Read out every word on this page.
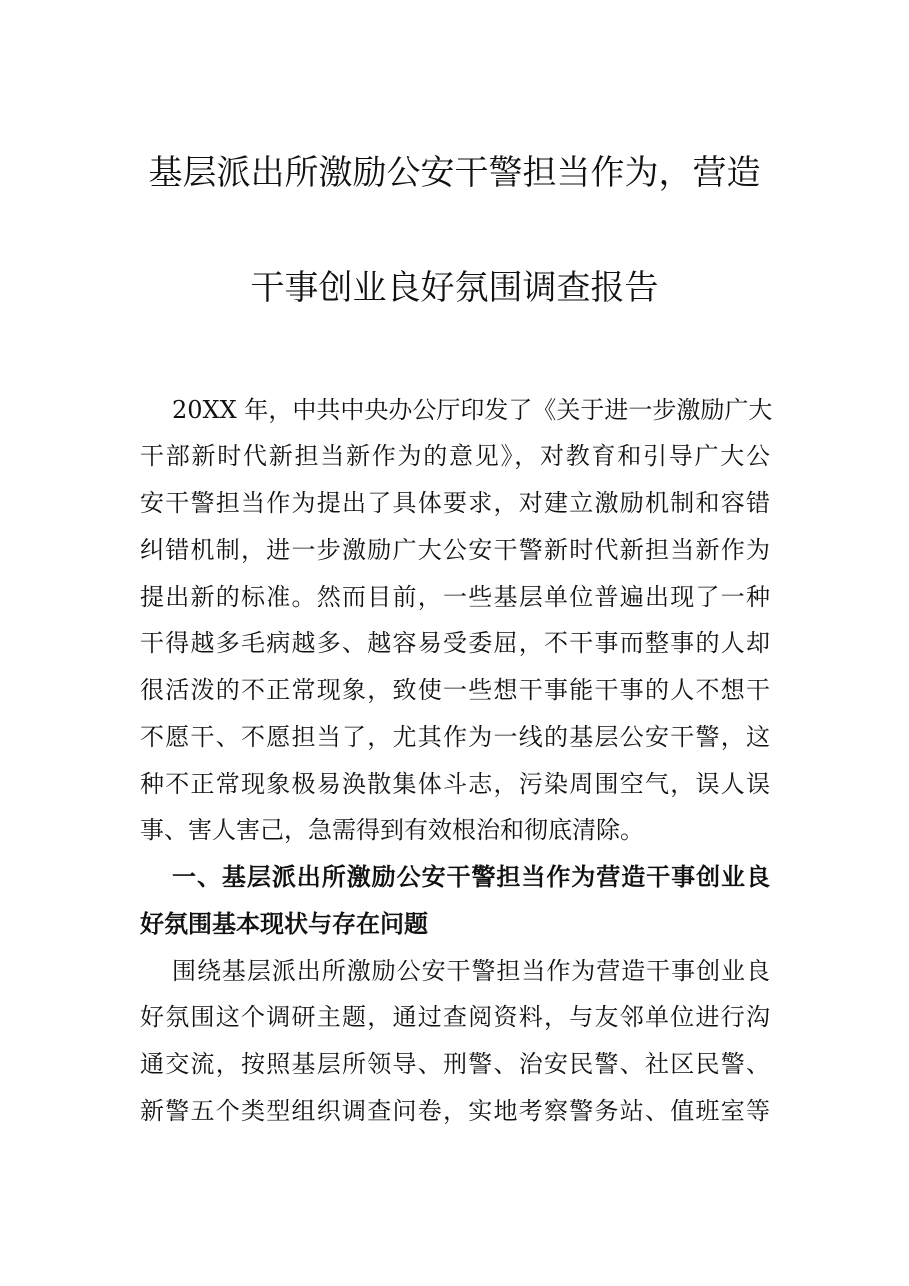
基层派出所激励公安干警担当作为，营造
干事创业良好氛围调查报告
20XX 年，中共中央办公厅印发了《关于进一步激励广大
干部新时代新担当新作为的意见》，对教育和引导广大公
安干警担当作为提出了具体要求，对建立激励机制和容错
纠错机制，进一步激励广大公安干警新时代新担当新作为
提出新的标准。然而目前，一些基层单位普遍出现了一种
干得越多毛病越多、越容易受委屈，不干事而整事的人却
很活泼的不正常现象，致使一些想干事能干事的人不想干
不愿干、不愿担当了，尤其作为一线的基层公安干警，这
种不正常现象极易涣散集体斗志，污染周围空气，误人误
事、害人害己，急需得到有效根治和彻底清除。
一、基层派出所激励公安干警担当作为营造干事创业良
好氛围基本现状与存在问题
围绕基层派出所激励公安干警担当作为营造干事创业良
好氛围这个调研主题，通过查阅资料，与友邻单位进行沟
通交流，按照基层所领导、刑警、治安民警、社区民警、
新警五个类型组织调查问卷，实地考察警务站、值班室等
